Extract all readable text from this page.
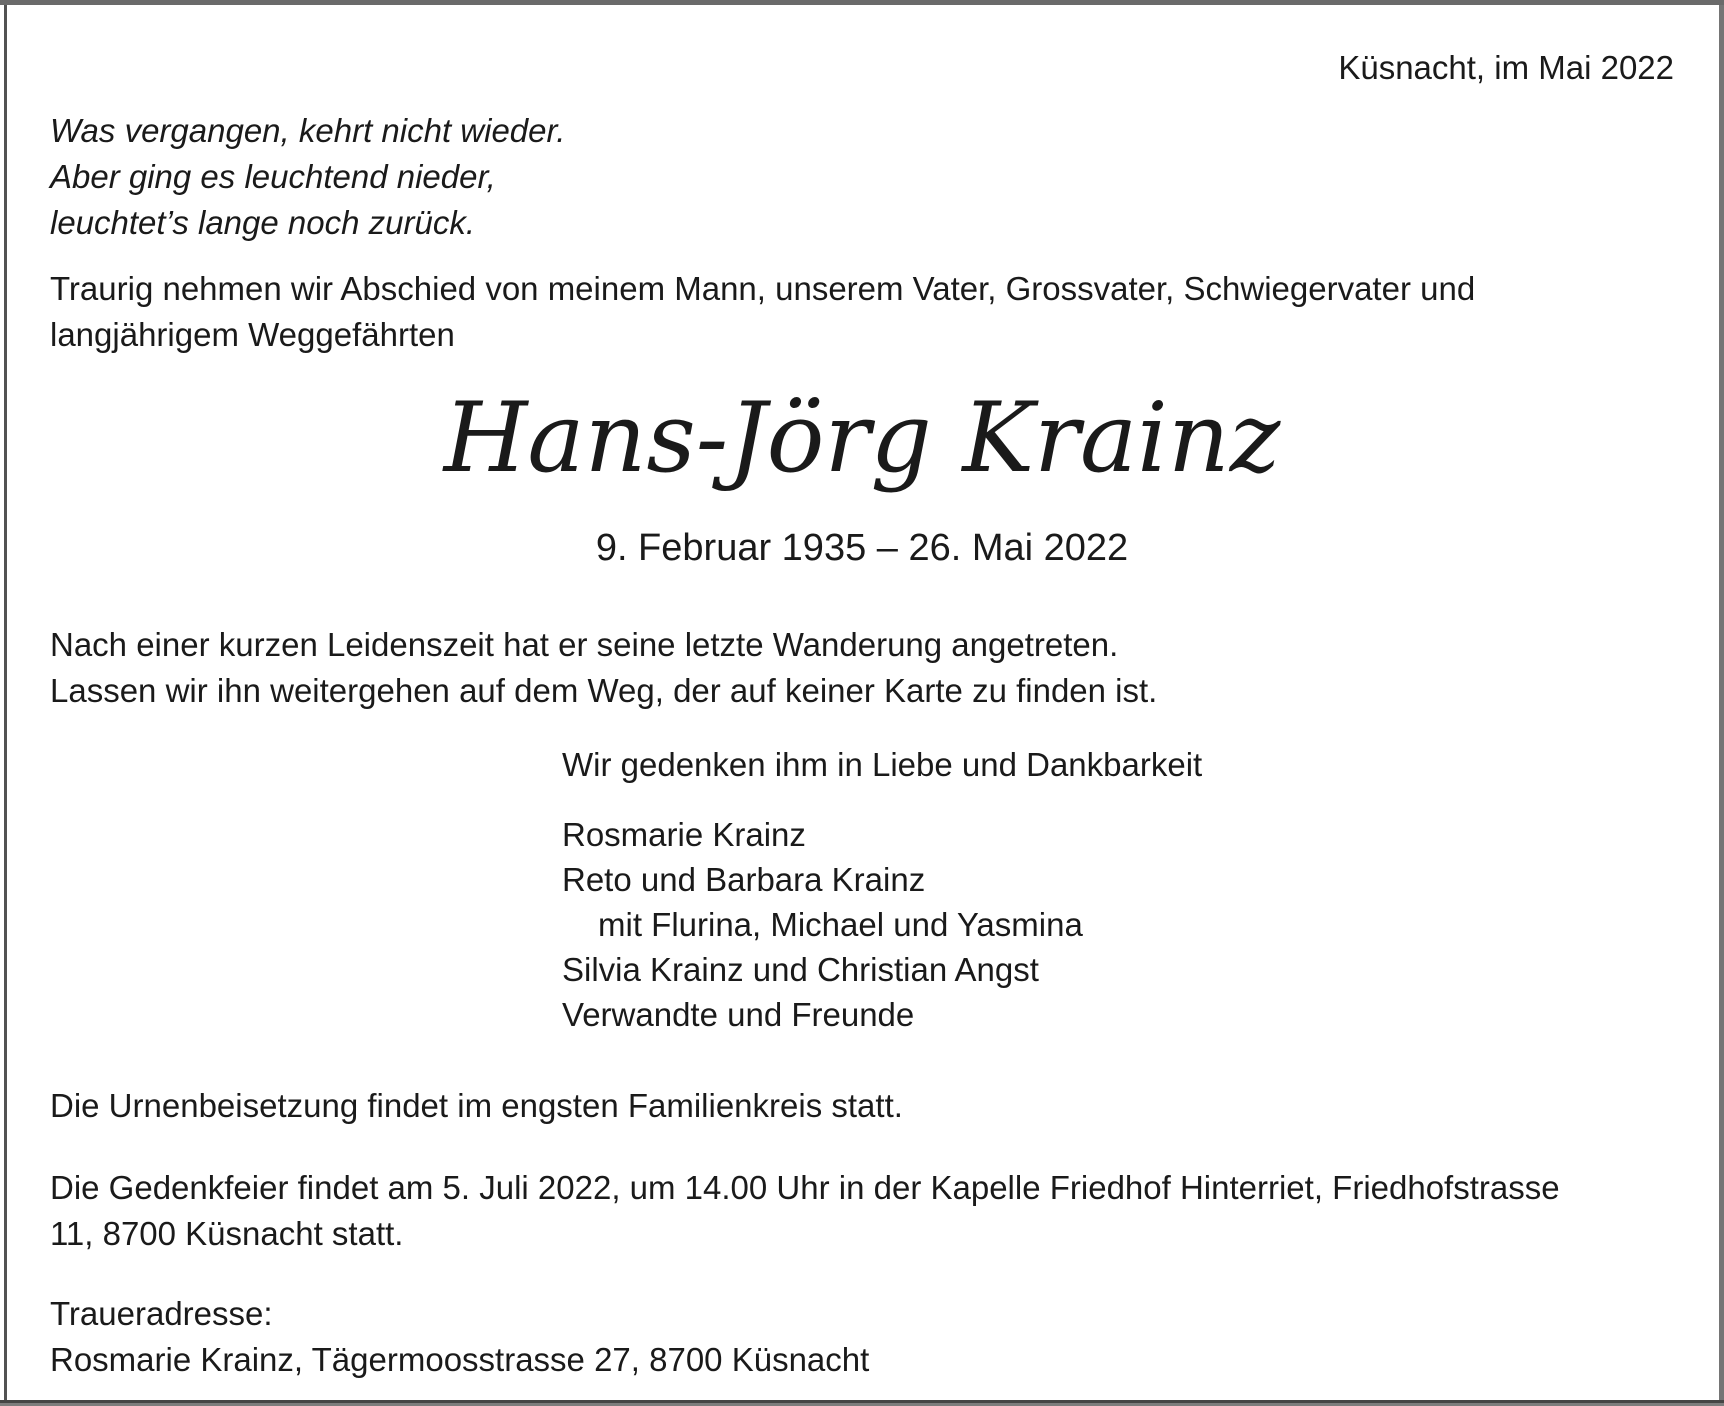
Küsnacht, im Mai 2022
Was vergangen, kehrt nicht wieder.
Aber ging es leuchtend nieder,
leuchtet’s lange noch zurück.
Traurig nehmen wir Abschied von meinem Mann, unserem Vater, Grossvater, Schwiegervater und
langjährigem Weggefährten
Hans-Jörg Krainz
9. Februar 1935 – 26. Mai 2022
Nach einer kurzen Leidenszeit hat er seine letzte Wanderung angetreten.
Lassen wir ihn weitergehen auf dem Weg, der auf keiner Karte zu finden ist.
Wir gedenken ihm in Liebe und Dankbarkeit
Rosmarie Krainz
Reto und Barbara Krainz
mit Flurina, Michael und Yasmina
Silvia Krainz und Christian Angst
Verwandte und Freunde
Die Urnenbeisetzung findet im engsten Familienkreis statt.
Die Gedenkfeier findet am 5. Juli 2022, um 14.00 Uhr in der Kapelle Friedhof Hinterriet, Friedhofstrasse
11, 8700 Küsnacht statt.
Traueradresse:
Rosmarie Krainz, Tägermoosstrasse 27, 8700 Küsnacht
